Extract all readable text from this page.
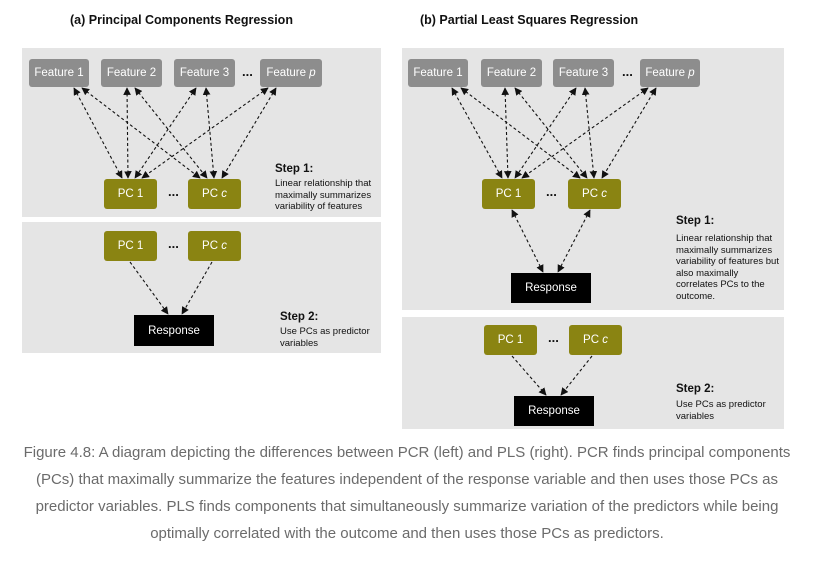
(a) Principal Components Regression
Feature 1	Feature 2	Feature 3 ... Feature p
PC 1	... PC c
Step 1:
Linear relationship that maximally summarizes variability of features
PC 1	... PC c
Response
Step 2:
Use PCs as predictor variables
(b) Partial Least Squares Regression
Feature 1	Feature 2	Feature 3	... Feature p
PC 1	... PC c
Response
Step 1:
Linear relationship that maximally summarizes variability of features but also maximally correlates PCs to the outcome.
PC 1	... PC c
Response
Step 2:
Use PCs as predictor variables
Figure 4.8: A diagram depicting the differences between PCR (left) and PLS (right). PCR finds principal components (PCs) that maximally summarize the features independent of the response variable and then uses those PCs as predictor variables. PLS finds components that simultaneously summarize variation of the predictors while being optimally correlated with the outcome and then uses those PCs as predictors.
